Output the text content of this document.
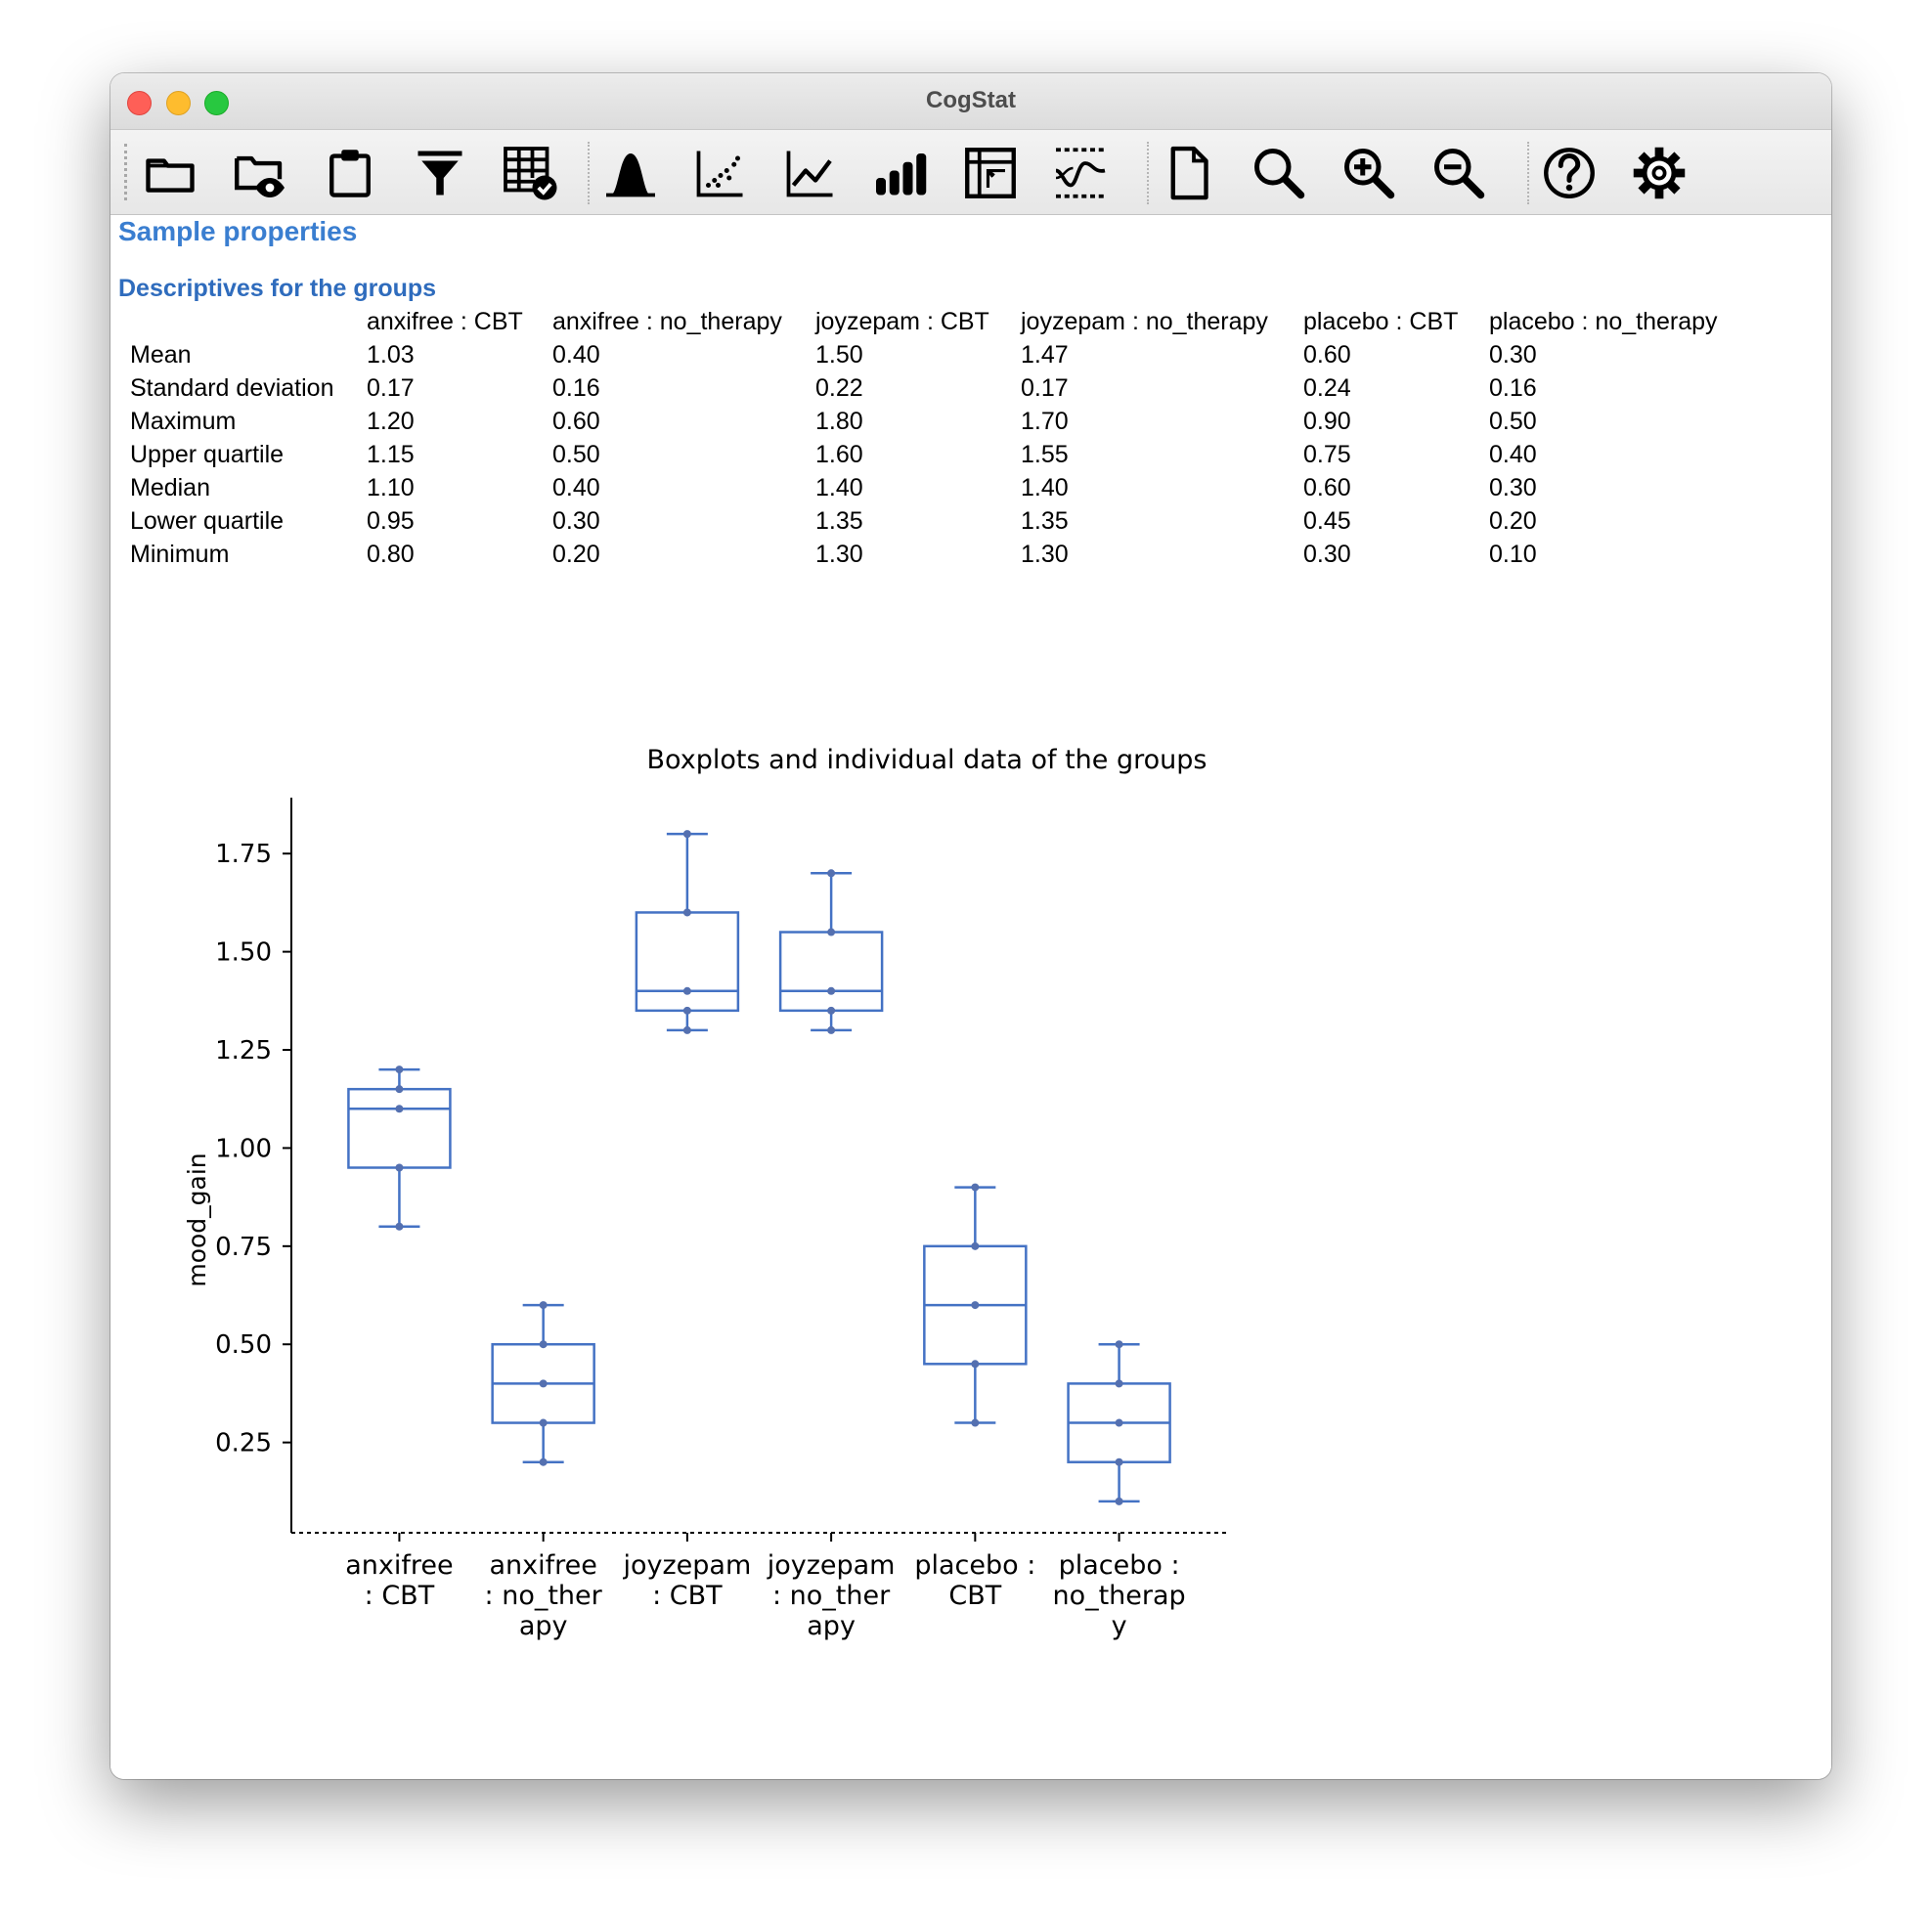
CogStat
Sample properties
Descriptives for the groups
	anxifree : CBT	anxifree : no_therapy	joyzepam : CBT	joyzepam : no_therapy	placebo : CBT	placebo : no_therapy
Mean	1.03	0.40	1.50	1.47	0.60	0.30
Standard deviation	0.17	0.16	0.22	0.17	0.24	0.16
Maximum	1.20	0.60	1.80	1.70	0.90	0.50
Upper quartile	1.15	0.50	1.60	1.55	0.75	0.40
Median	1.10	0.40	1.40	1.40	0.60	0.30
Lower quartile	0.95	0.30	1.35	1.35	0.45	0.20
Minimum	0.80	0.20	1.30	1.30	0.30	0.10
Boxplots and individual data of the groups
mood_gain
0.25
0.50
0.75
1.00
1.25
1.50
1.75
anxifree : CBT
anxifree : no_ther apy
joyzepam : CBT
joyzepam : no_ther apy
placebo : CBT
placebo : no_therap y
